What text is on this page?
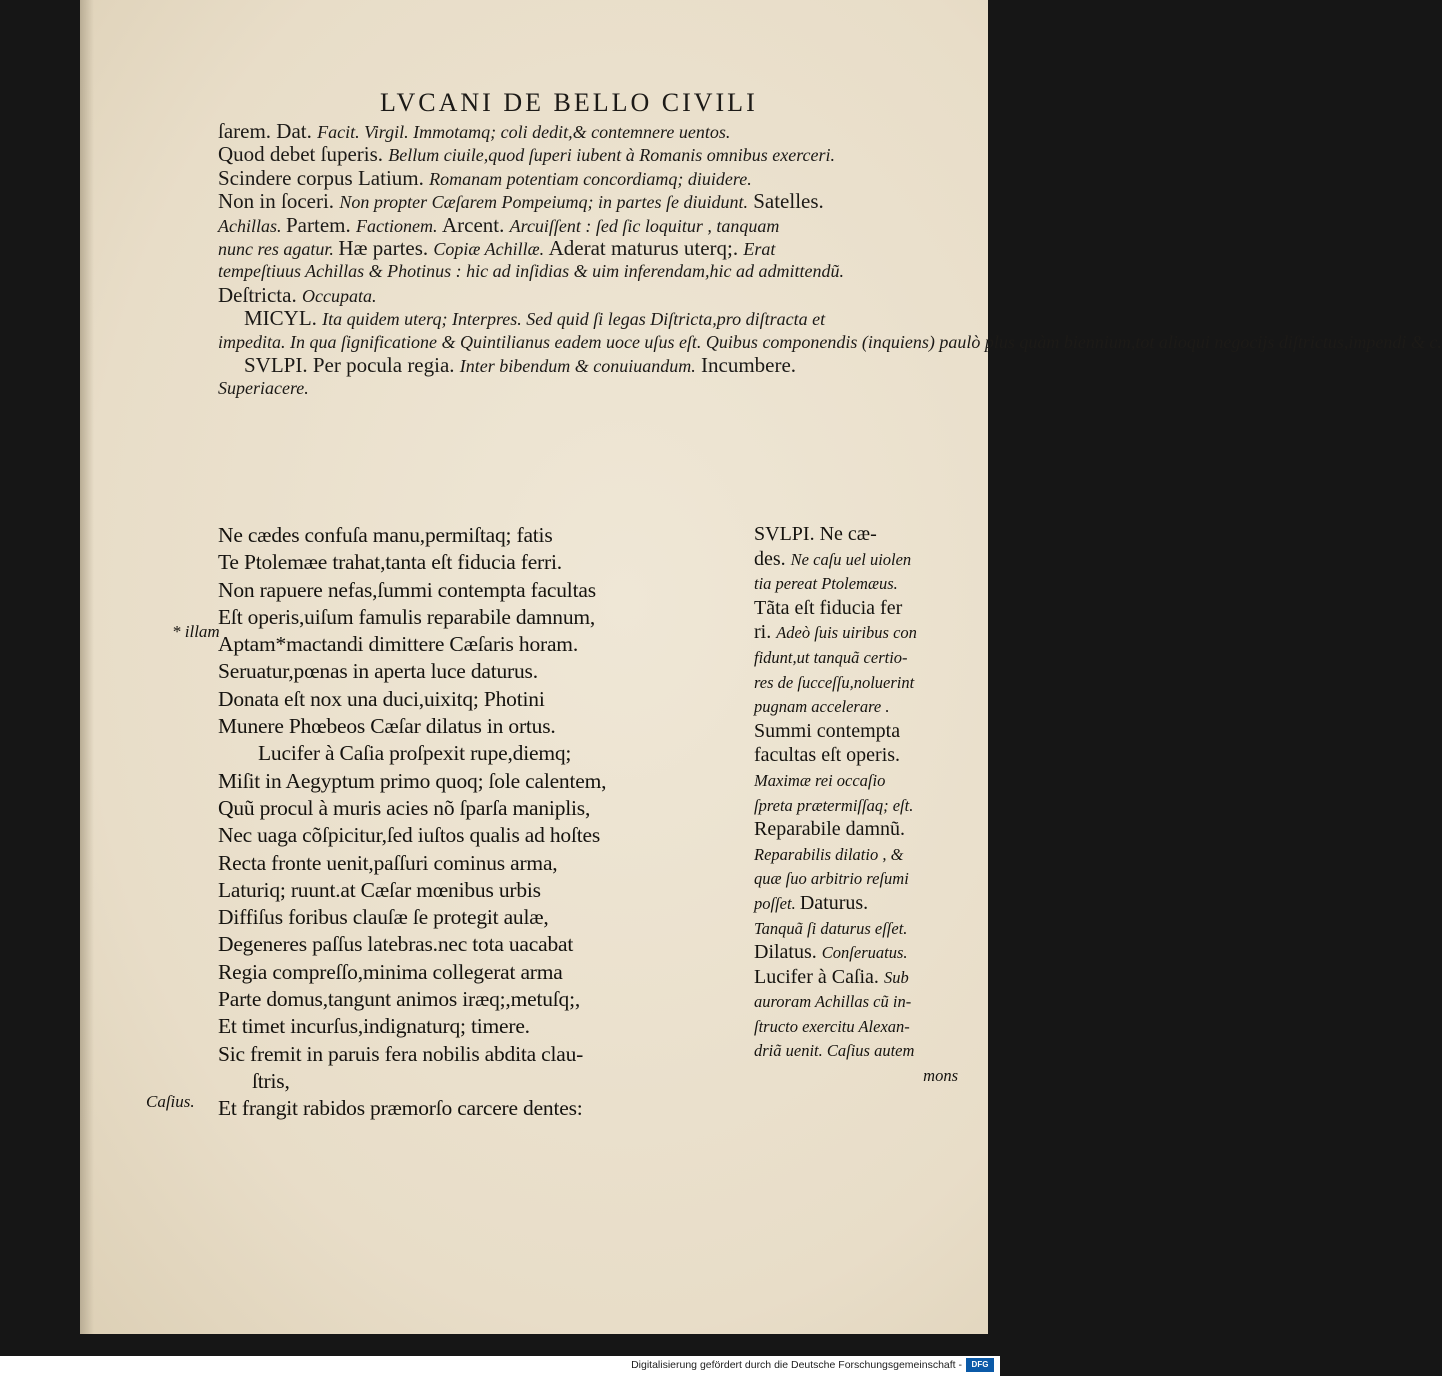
LVCANI DE BELLO CIVILI
ſarem. Dat. Facit. Virgil. Immotamq; coli dedit,& contemnere uentos.
Quod debet ſuperis. Bellum ciuile,quod ſuperi iubent à Romanis omnibus exerceri.
Scindere corpus Latium. Romanam potentiam concordiamq; diuidere.
Non in ſoceri. Non propter Cæſarem Pompeiumq; in partes ſe diuidunt. Satelles.
Achillas. Partem. Factionem. Arcent. Arcuiſſent : ſed ſic loquitur , tanquam
nunc res agatur. Hæ partes. Copiæ Achillæ. Aderat maturus uterq;. Erat
tempeſtiuus Achillas & Photinus : hic ad inſidias & uim inferendam,hic ad admittendũ.
Deſtricta. Occupata.
MICYL. Ita quidem uterq; Interpres. Sed quid ſi legas Diſtricta,pro diſtracta et
impedita. In qua ſignificatione & Quintilianus eadem uoce uſus eſt. Quibus componendis (inquiens) paulò plus quàm biennium,tot alioqui negocijs diſtrictus,impendi & c.
SVLPI. Per pocula regia. Inter bibendum & conuiuandum. Incumbere.
Superiacere.
Ne cædes confuſa manu,permiſtaq; fatis
Te Ptolemæe trahat,tanta eſt fiducia ferri.
Non rapuere nefas,ſummi contempta facultas
Eſt operis,uiſum famulis reparabile damnum,
Aptam*mactandi dimittere Cæſaris horam.
Seruatur,pœnas in aperta luce daturus.
Donata eſt nox una duci,uixitq; Photini
Munere Phœbeos Cæſar dilatus in ortus.
Lucifer à Caſia proſpexit rupe,diemq;
Miſit in Aegyptum primo quoq; ſole calentem,
Quũ procul à muris acies nõ ſparſa maniplis,
Nec uaga cõſpicitur,ſed iuſtos qualis ad hoſtes
Recta fronte uenit,paſſuri cominus arma,
Laturiq; ruunt.at Cæſar mœnibus urbis
Diffiſus foribus clauſæ ſe protegit aulæ,
Degeneres paſſus latebras.nec tota uacabat
Regia compreſſo,minima collegerat arma
Parte domus,tangunt animos iræq;,metuſq;,
Et timet incurſus,indignaturq; timere.
Sic fremit in paruis fera nobilis abdita clau-
ſtris,
Et frangit rabidos præmorſo carcere dentes:
SVLPI. Ne cæ-
des. Ne caſu uel uiolen
tia pereat Ptolemæus.
Tãta eſt fiducia fer
ri. Adeò ſuis uiribus con
fidunt,ut tanquã certio-
res de ſucceſſu,noluerint
pugnam accelerare .
Summi contempta
facultas eſt operis.
Maximæ rei occaſio
ſpreta prætermiſſaq; eſt.
Reparabile damnũ.
Reparabilis dilatio , &
quæ ſuo arbitrio reſumi
poſſet. Daturus.
Tanquã ſi daturus eſſet.
Dilatus. Conſeruatus.
Lucifer à Caſia. Sub
auroram Achillas cũ in-
ſtructo exercitu Alexan-
driã uenit. Caſius autem
mons
* illam
Caſius.
Digitalisierung gefördert durch die Deutsche Forschungsgemeinschaft -	DFG
